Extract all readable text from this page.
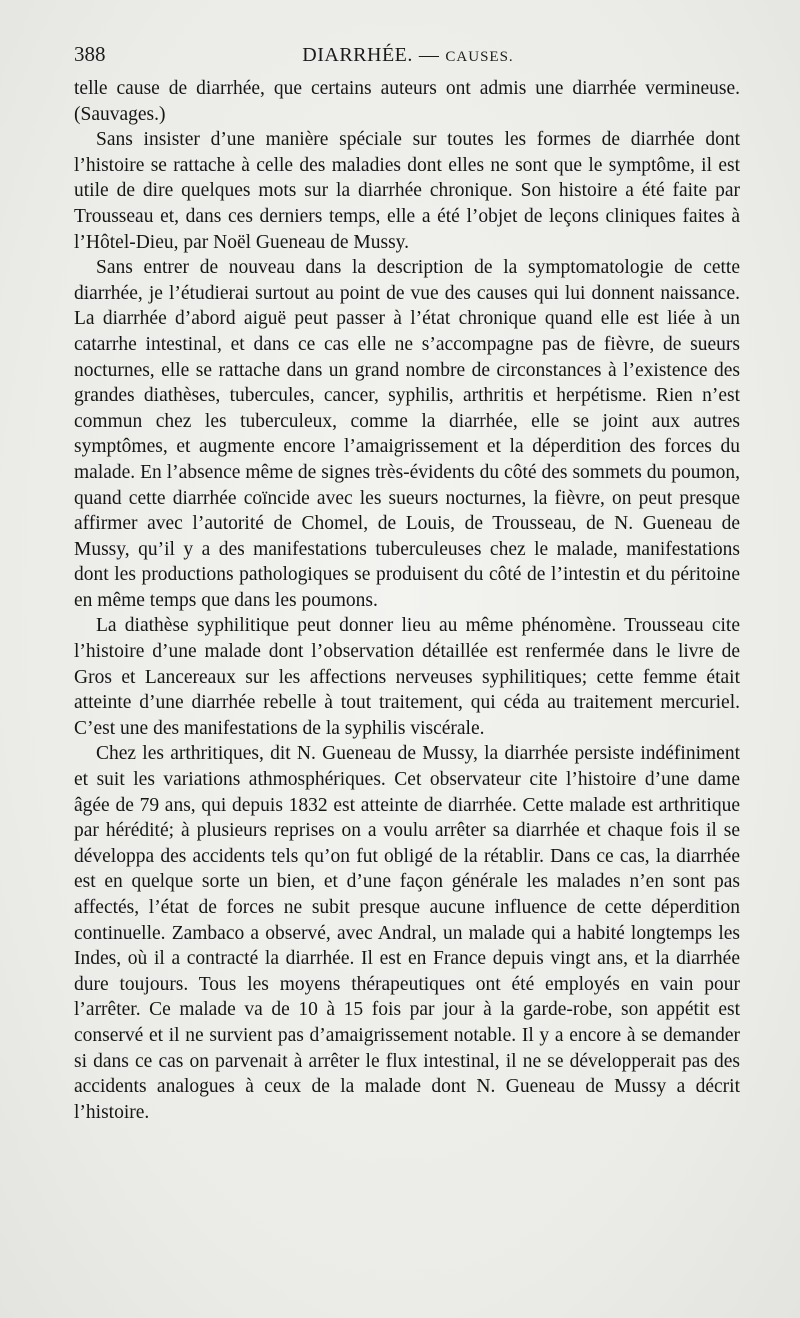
388	DIARRHÉE. — CAUSES.

telle cause de diarrhée, que certains auteurs ont admis une diarrhée vermineuse. (Sauvages.)

Sans insister d’une manière spéciale sur toutes les formes de diarrhée dont l’histoire se rattache à celle des maladies dont elles ne sont que le symptôme, il est utile de dire quelques mots sur la diarrhée chronique. Son histoire a été faite par Trousseau et, dans ces derniers temps, elle a été l’objet de leçons cliniques faites à l’Hôtel-Dieu, par Noël Gueneau de Mussy.

Sans entrer de nouveau dans la description de la symptomatologie de cette diarrhée, je l’étudierai surtout au point de vue des causes qui lui donnent naissance. La diarrhée d’abord aiguë peut passer à l’état chronique quand elle est liée à un catarrhe intestinal, et dans ce cas elle ne s’accompagne pas de fièvre, de sueurs nocturnes, elle se rattache dans un grand nombre de circonstances à l’existence des grandes diathèses, tubercules, cancer, syphilis, arthritis et herpétisme. Rien n’est commun chez les tuberculeux, comme la diarrhée, elle se joint aux autres symptômes, et augmente encore l’amaigrissement et la déperdition des forces du malade. En l’absence même de signes très-évidents du côté des sommets du poumon, quand cette diarrhée coïncide avec les sueurs nocturnes, la fièvre, on peut presque affirmer avec l’autorité de Chomel, de Louis, de Trousseau, de N. Gueneau de Mussy, qu’il y a des manifestations tuberculeuses chez le malade, manifestations dont les productions pathologiques se produisent du côté de l’intestin et du péritoine en même temps que dans les poumons.

La diathèse syphilitique peut donner lieu au même phénomène. Trousseau cite l’histoire d’une malade dont l’observation détaillée est renfermée dans le livre de Gros et Lancereaux sur les affections nerveuses syphilitiques; cette femme était atteinte d’une diarrhée rebelle à tout traitement, qui céda au traitement mercuriel. C’est une des manifestations de la syphilis viscérale.

Chez les arthritiques, dit N. Gueneau de Mussy, la diarrhée persiste indéfiniment et suit les variations athmosphériques. Cet observateur cite l’histoire d’une dame âgée de 79 ans, qui depuis 1832 est atteinte de diarrhée. Cette malade est arthritique par hérédité; à plusieurs reprises on a voulu arrêter sa diarrhée et chaque fois il se développa des accidents tels qu’on fut obligé de la rétablir. Dans ce cas, la diarrhée est en quelque sorte un bien, et d’une façon générale les malades n’en sont pas affectés, l’état de forces ne subit presque aucune influence de cette déperdition continuelle. Zambaco a observé, avec Andral, un malade qui a habité longtemps les Indes, où il a contracté la diarrhée. Il est en France depuis vingt ans, et la diarrhée dure toujours. Tous les moyens thérapeutiques ont été employés en vain pour l’arrêter. Ce malade va de 10 à 15 fois par jour à la garde-robe, son appétit est conservé et il ne survient pas d’amaigrissement notable. Il y a encore à se demander si dans ce cas on parvenait à arrêter le flux intestinal, il ne se développerait pas des accidents analogues à ceux de la malade dont N. Gueneau de Mussy a décrit l’histoire.
